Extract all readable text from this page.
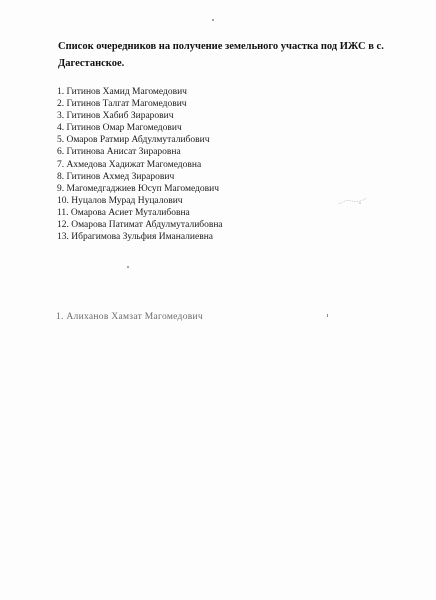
Список очередников на получение земельного участка под ИЖС в с. Дагестанское.
1. Гитинов Хамид Магомедович
2. Гитинов Талгат Магомедович
3. Гитинов Хабиб Зирарович
4. Гитинов Омар Магомедович
5. Омаров Ратмир Абдулмуталибович
6. Гитинова Анисат Зирaровна
7. Ахмедова Хадижат Магомедовна
8. Гитинов Ахмед Зирарович
9. Магомедгаджиев Юсуп Магомедович
10. Нуцалов Мурад Нуцалович
11. Омарова Асиет Муталибовна
12. Омарова Патимат Абдулмуталибовна
13. Ибрагимова Зульфия Иманалиевна
1. Алиханов Хамзат Магомедович
